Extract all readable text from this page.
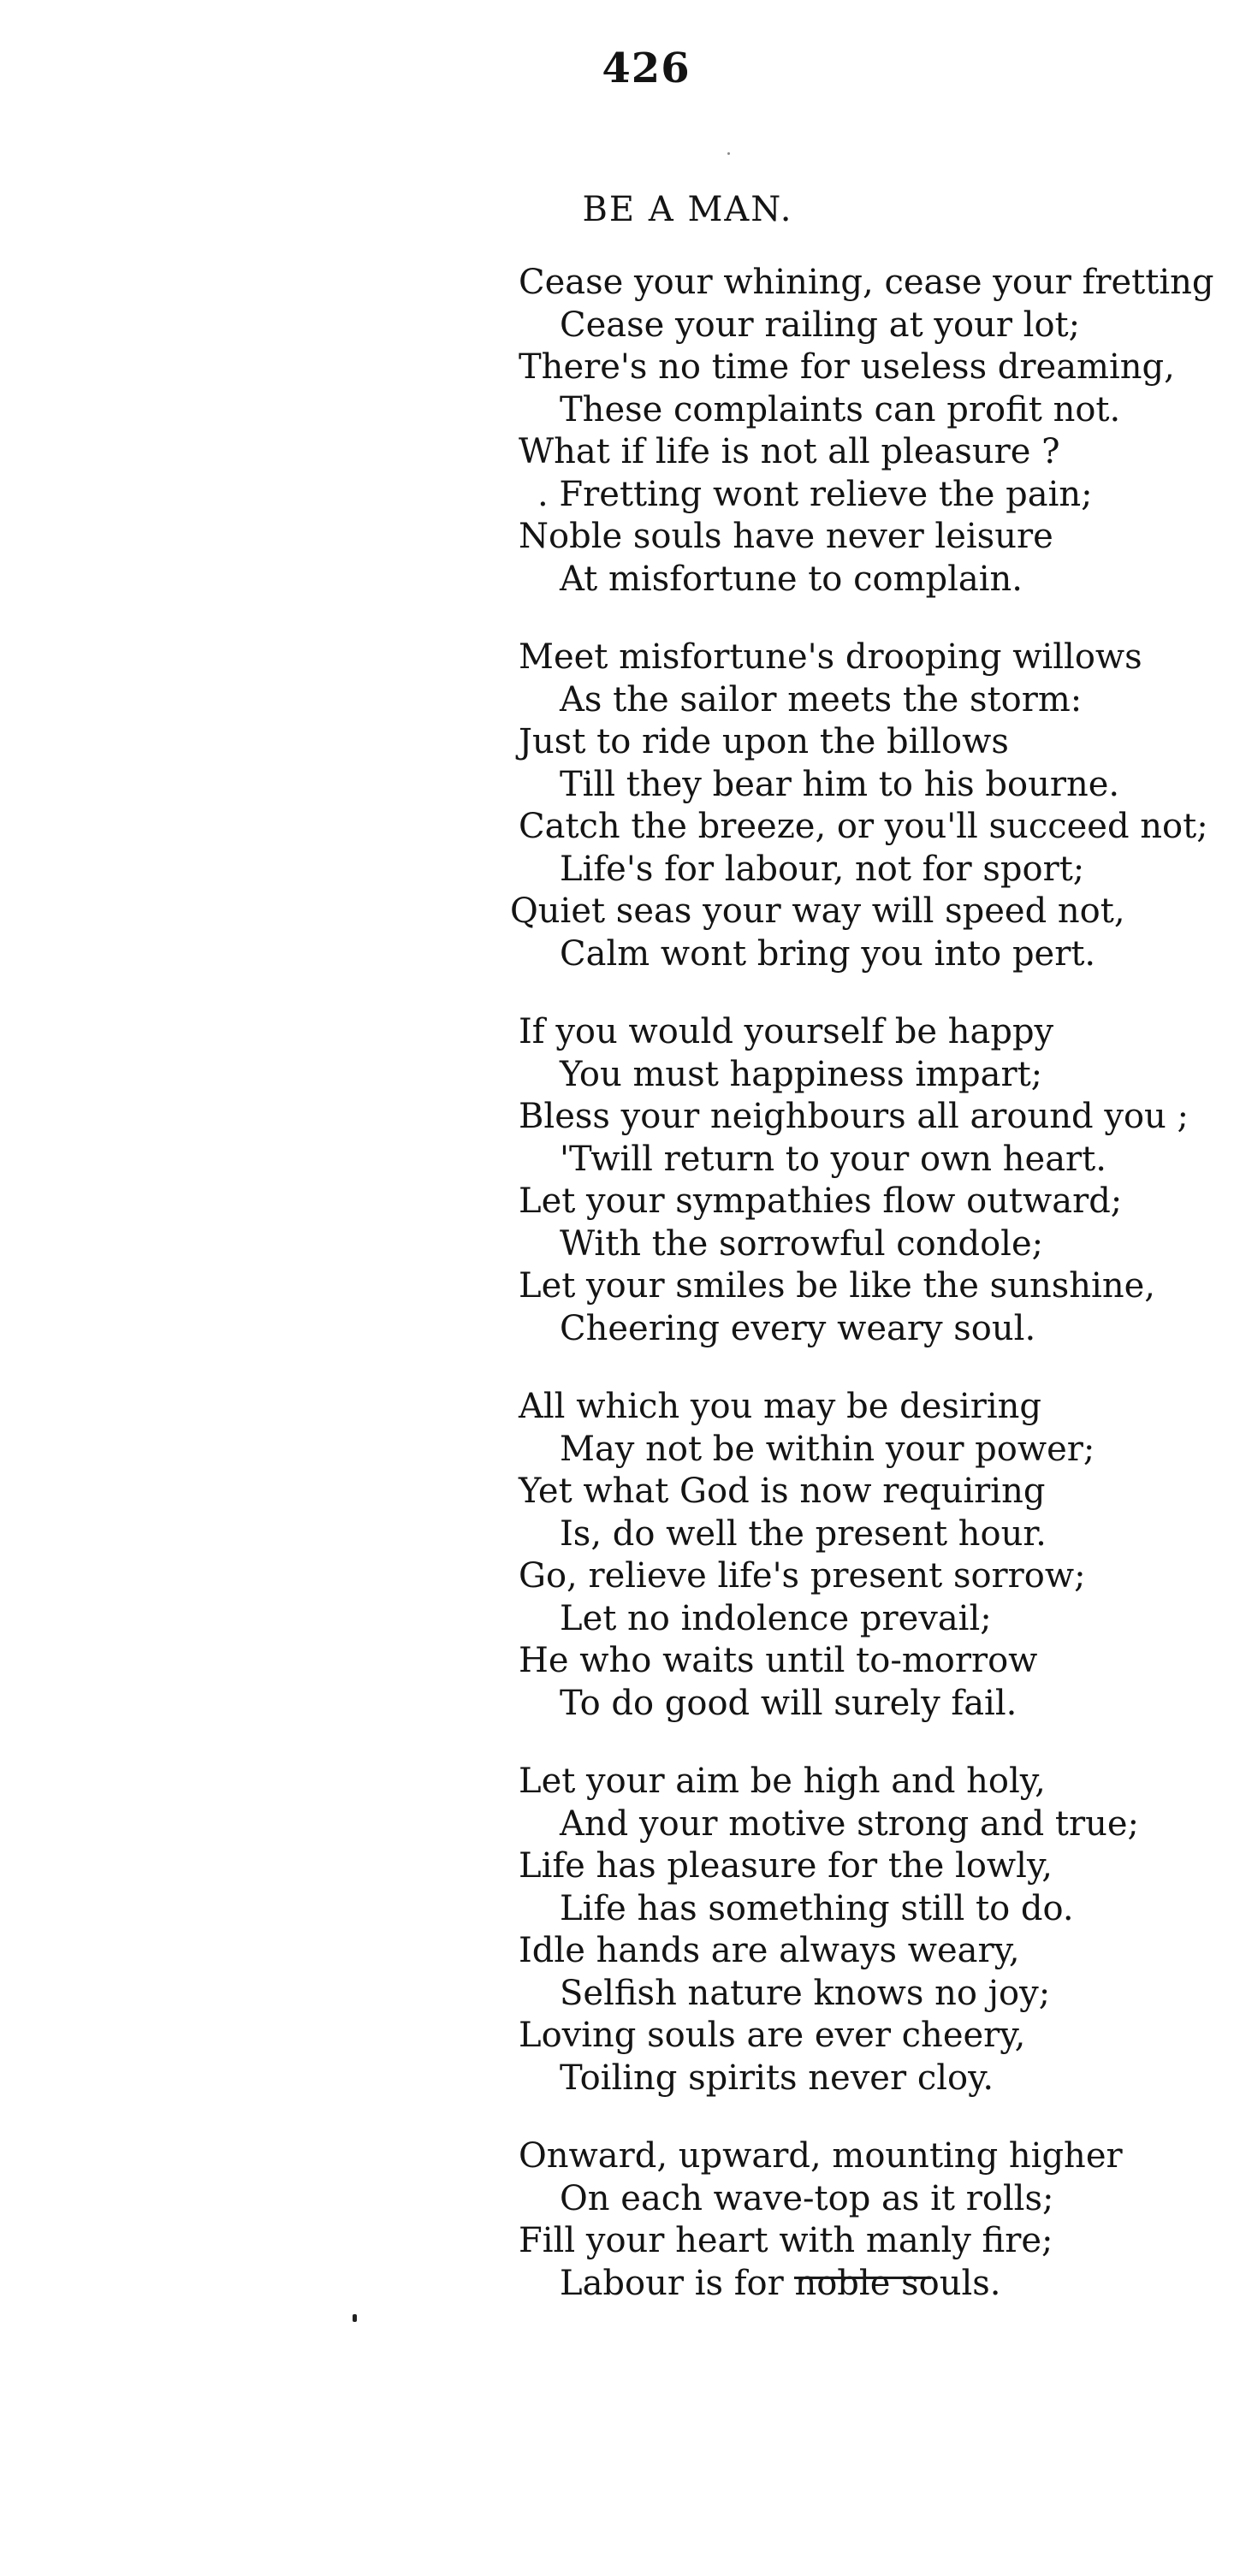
426
BE A MAN.
Cease your whining, cease your fretting
Cease your railing at your lot;
There's no time for useless dreaming,
These complaints can profit not.
What if life is not all pleasure ?
. Fretting wont relieve the pain;
Noble souls have never leisure
At misfortune to complain.
Meet misfortune's drooping willows
As the sailor meets the storm:
Just to ride upon the billows
Till they bear him to his bourne.
Catch the breeze, or you'll succeed not;
Life's for labour, not for sport;
Quiet seas your way will speed not,
Calm wont bring you into pert.
If you would yourself be happy
You must happiness impart;
Bless your neighbours all around you ;
'Twill return to your own heart.
Let your sympathies flow outward;
With the sorrowful condole;
Let your smiles be like the sunshine,
Cheering every weary soul.
All which you may be desiring
May not be within your power;
Yet what God is now requiring
Is, do well the present hour.
Go, relieve life's present sorrow;
Let no indolence prevail;
He who waits until to-morrow
To do good will surely fail.
Let your aim be high and holy,
And your motive strong and true;
Life has pleasure for the lowly,
Life has something still to do.
Idle hands are always weary,
Selfish nature knows no joy;
Loving souls are ever cheery,
Toiling spirits never cloy.
Onward, upward, mounting higher
On each wave-top as it rolls;
Fill your heart with manly fire;
Labour is for noble souls.
